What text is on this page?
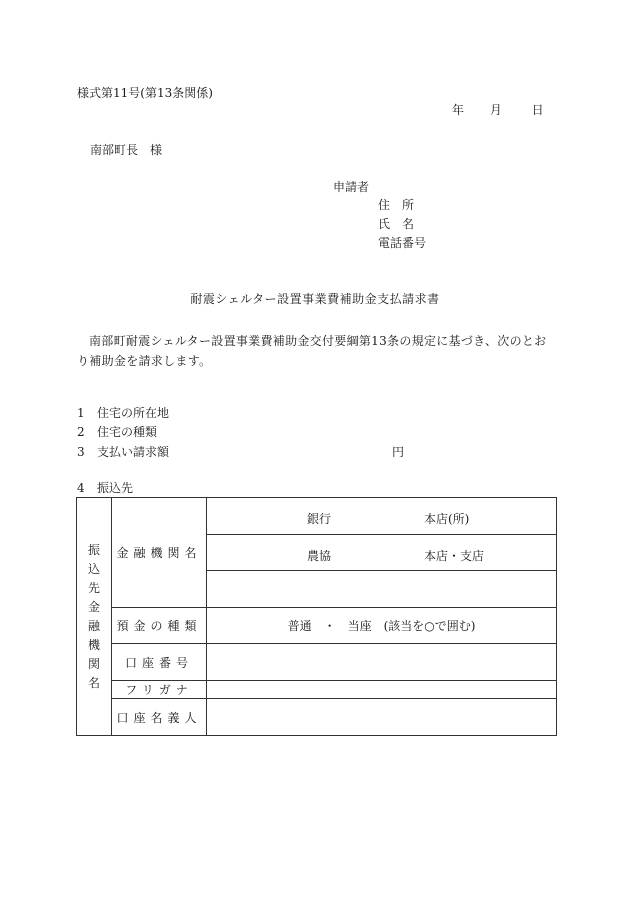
様式第11号(第13条関係)
年 月 日
南部町長　様
申請者
住　所
氏　名
電話番号
耐震シェルター設置事業費補助金支払請求書
南部町耐震シェルター設置事業費補助金交付要綱第13条の規定に基づき、次のとおり補助金を請求します。
1 住宅の所在地
2 住宅の種類
3 支払い請求額	円
4 振込先
振込先金融機関名	金融機関名	銀行 本店(所)

		農協 本店・支店

	預金の種類	普通　・　当座　(該当を○で囲む)
	口座番号	
	フリガナ	
	口座名義人	
